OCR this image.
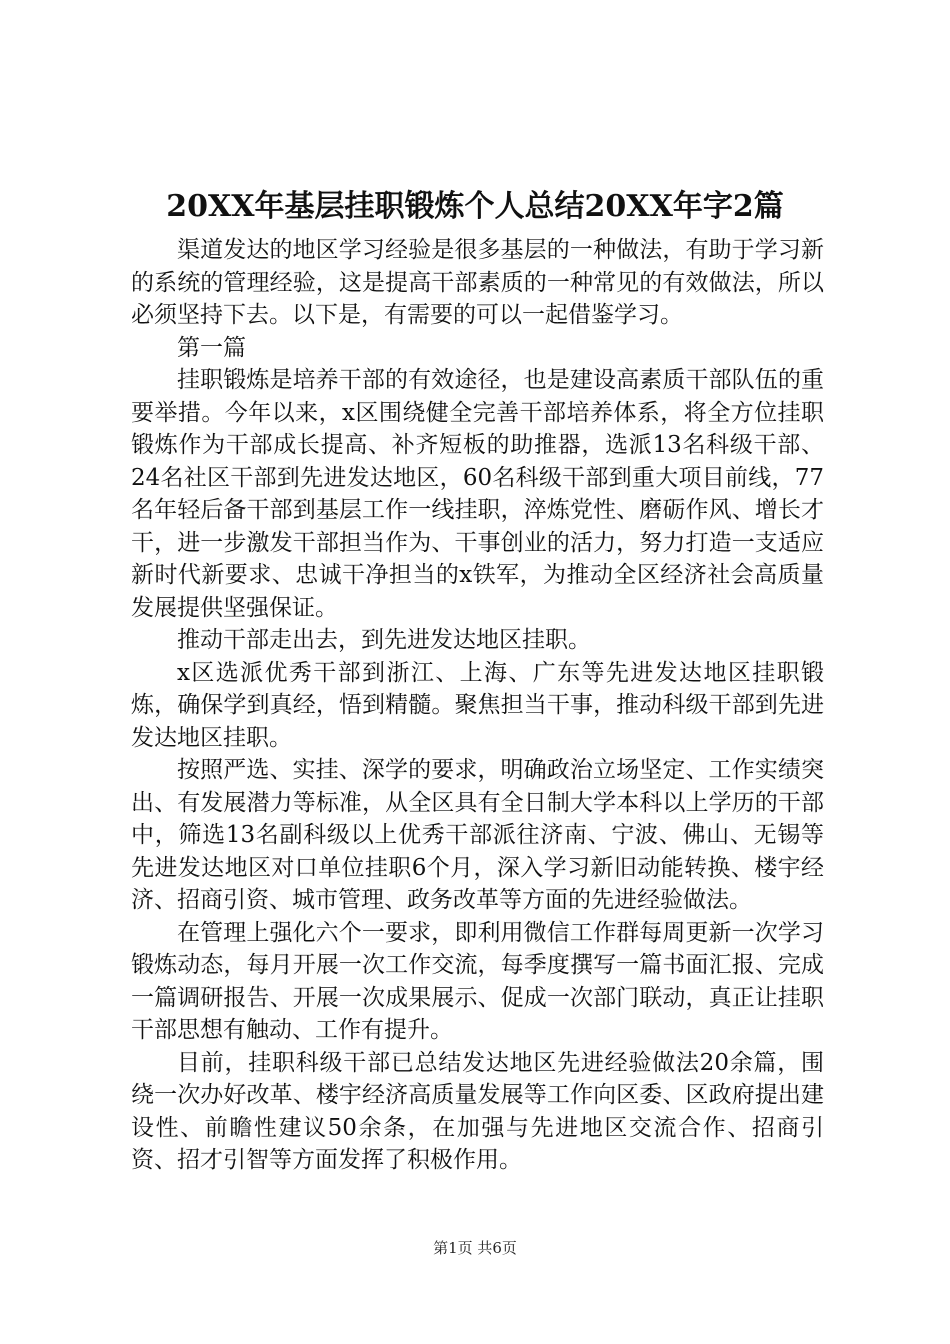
20XX年基层挂职锻炼个人总结20XX年字2篇

渠道发达的地区学习经验是很多基层的一种做法，有助于学习新的系统的管理经验，这是提高干部素质的一种常见的有效做法，所以必须坚持下去。以下是，有需要的可以一起借鉴学习。

第一篇

挂职锻炼是培养干部的有效途径，也是建设高素质干部队伍的重要举措。今年以来，x区围绕健全完善干部培养体系，将全方位挂职锻炼作为干部成长提高、补齐短板的助推器，选派13名科级干部、24名社区干部到先进发达地区，60名科级干部到重大项目前线，77名年轻后备干部到基层工作一线挂职，淬炼党性、磨砺作风、增长才干，进一步激发干部担当作为、干事创业的活力，努力打造一支适应新时代新要求、忠诚干净担当的x铁军，为推动全区经济社会高质量发展提供坚强保证。

推动干部走出去，到先进发达地区挂职。

x区选派优秀干部到浙江、上海、广东等先进发达地区挂职锻炼，确保学到真经，悟到精髓。聚焦担当干事，推动科级干部到先进发达地区挂职。

按照严选、实挂、深学的要求，明确政治立场坚定、工作实绩突出、有发展潜力等标准，从全区具有全日制大学本科以上学历的干部中，筛选13名副科级以上优秀干部派往济南、宁波、佛山、无锡等先进发达地区对口单位挂职6个月，深入学习新旧动能转换、楼宇经济、招商引资、城市管理、政务改革等方面的先进经验做法。

在管理上强化六个一要求，即利用微信工作群每周更新一次学习锻炼动态，每月开展一次工作交流，每季度撰写一篇书面汇报、完成一篇调研报告、开展一次成果展示、促成一次部门联动，真正让挂职干部思想有触动、工作有提升。

目前，挂职科级干部已总结发达地区先进经验做法20余篇，围绕一次办好改革、楼宇经济高质量发展等工作向区委、区政府提出建设性、前瞻性建议50余条，在加强与先进地区交流合作、招商引资、招才引智等方面发挥了积极作用。

第1页 共6页
